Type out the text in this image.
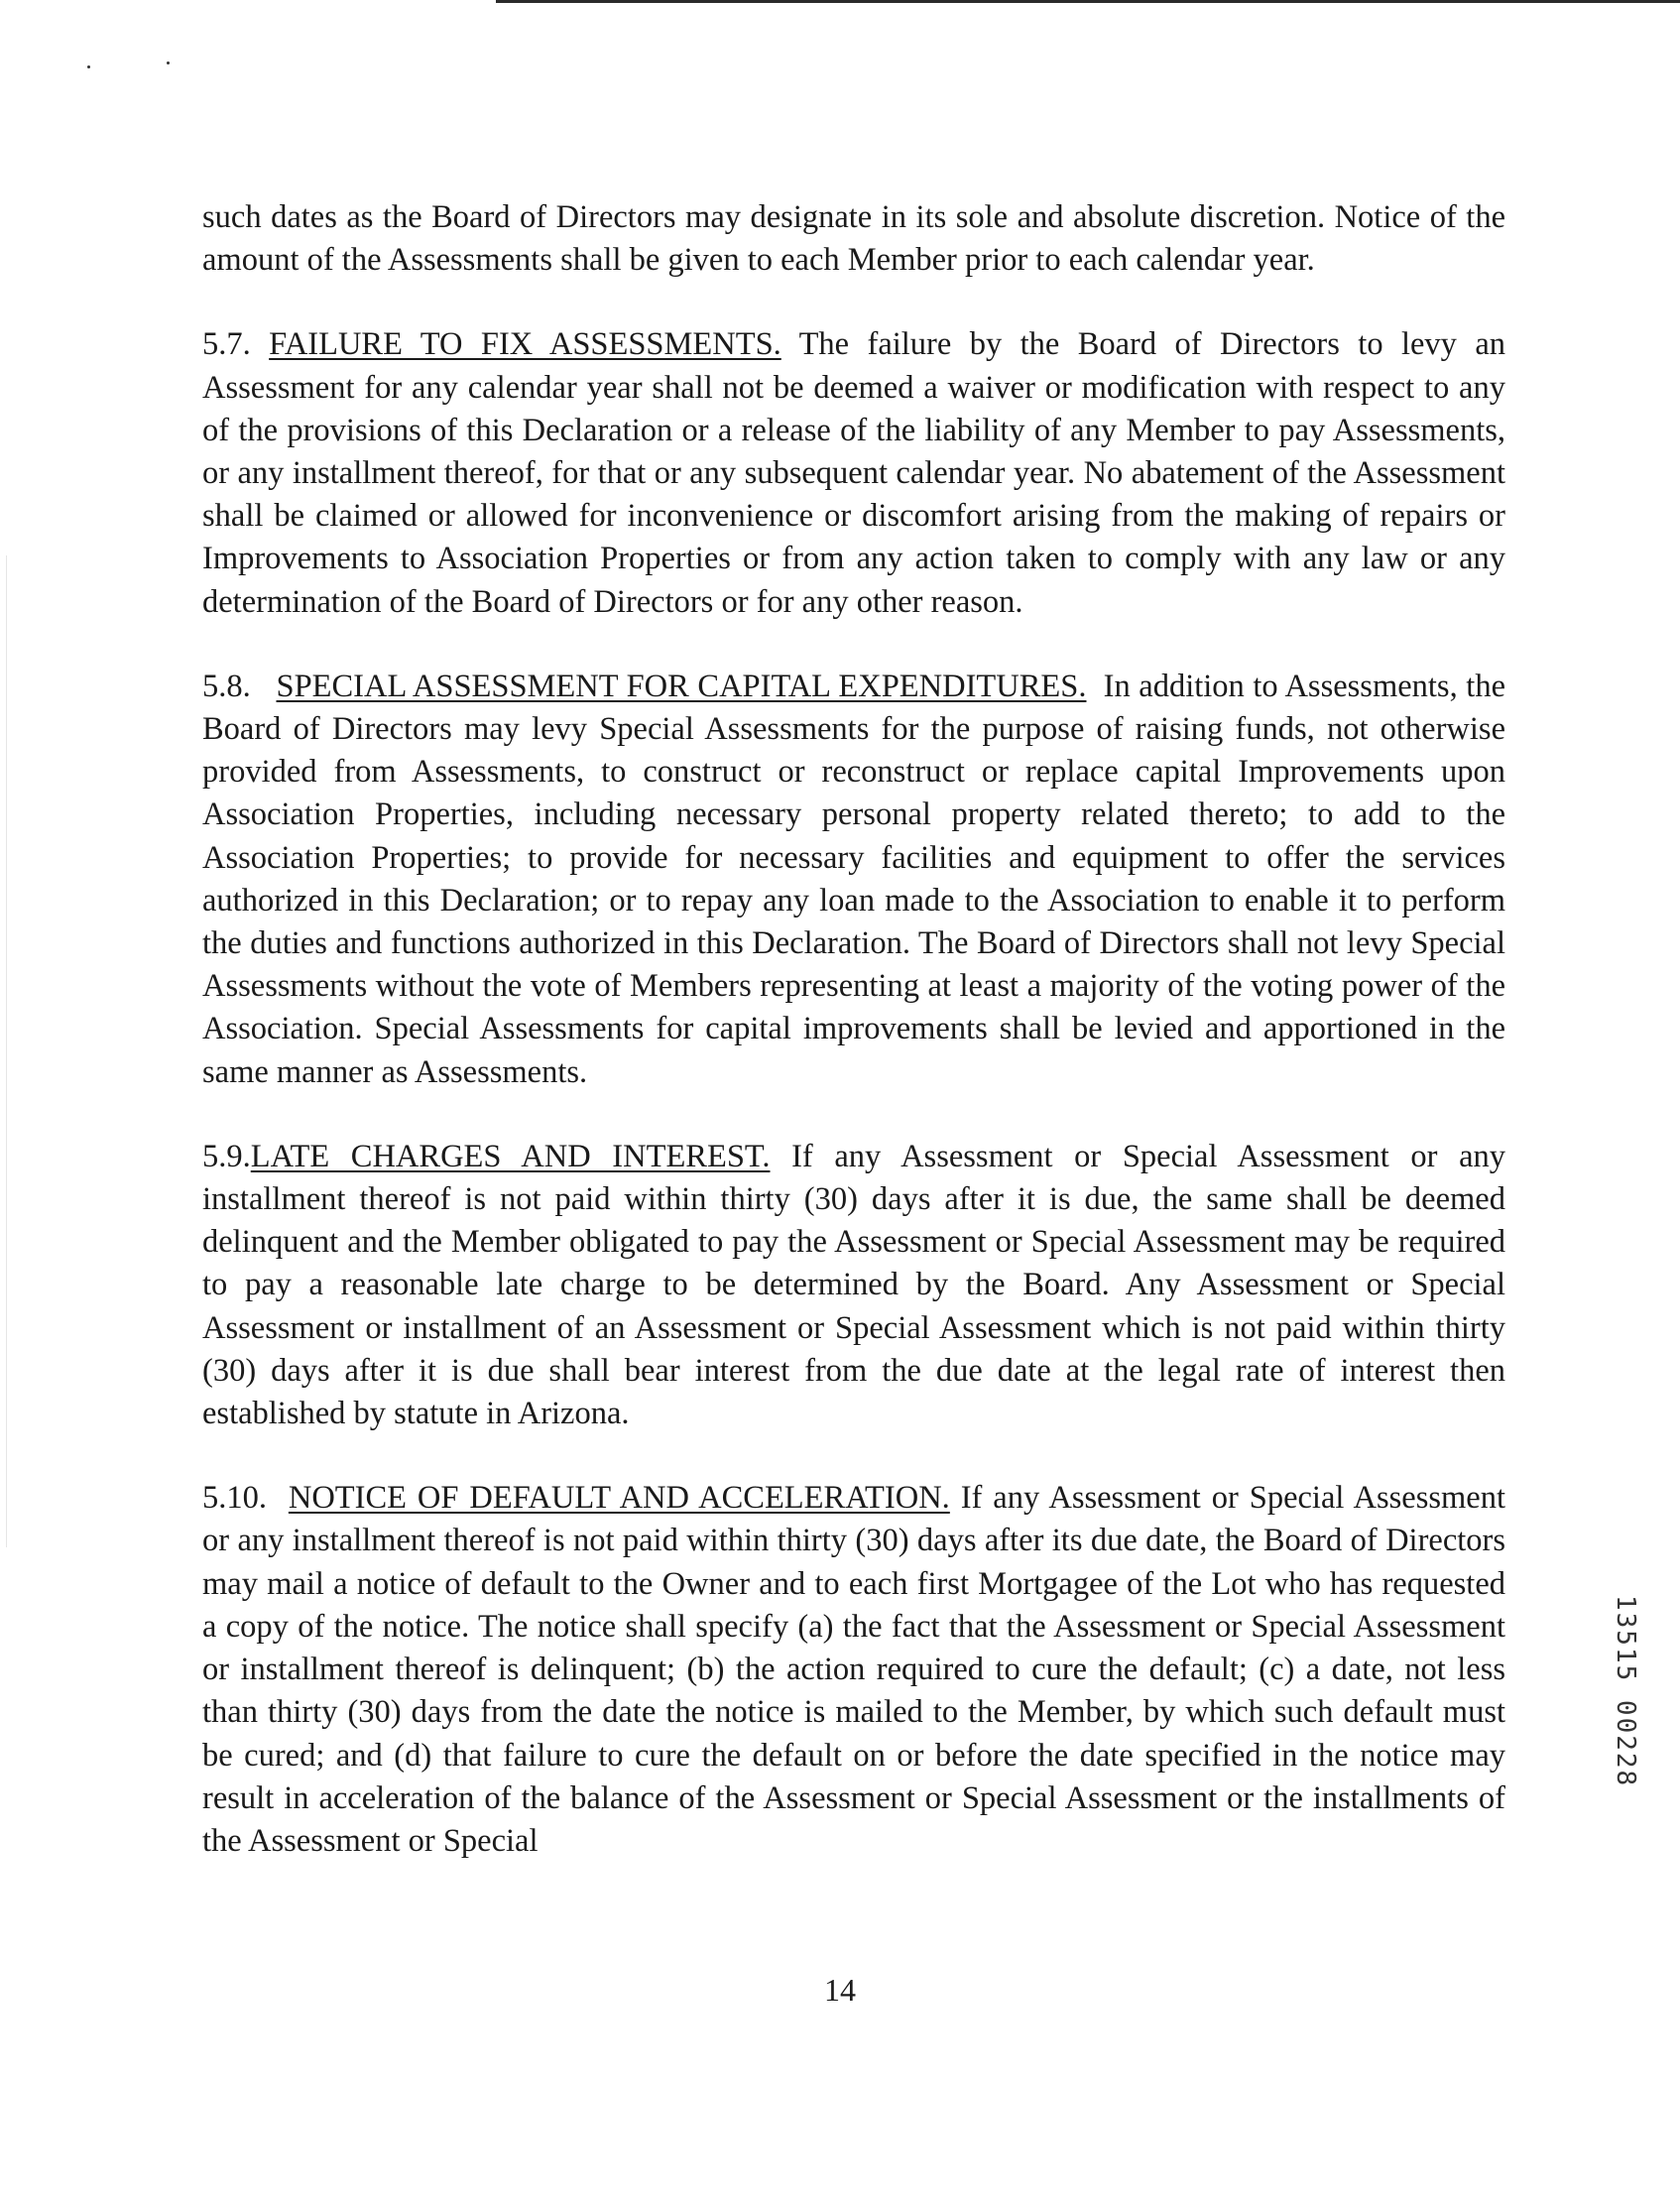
such dates as the Board of Directors may designate in its sole and absolute discretion. Notice of the amount of the Assessments shall be given to each Member prior to each calendar year.

5.7. FAILURE TO FIX ASSESSMENTS. The failure by the Board of Directors to levy an Assessment for any calendar year shall not be deemed a waiver or modification with respect to any of the provisions of this Declaration or a release of the liability of any Member to pay Assessments, or any installment thereof, for that or any subsequent calendar year. No abatement of the Assessment shall be claimed or allowed for inconvenience or discomfort arising from the making of repairs or Improvements to Association Properties or from any action taken to comply with any law or any determination of the Board of Directors or for any other reason.

5.8. SPECIAL ASSESSMENT FOR CAPITAL EXPENDITURES. In addition to Assessments, the Board of Directors may levy Special Assessments for the purpose of raising funds, not otherwise provided from Assessments, to construct or reconstruct or replace capital Improvements upon Association Properties, including necessary personal property related thereto; to add to the Association Properties; to provide for necessary facilities and equipment to offer the services authorized in this Declaration; or to repay any loan made to the Association to enable it to perform the duties and functions authorized in this Declaration. The Board of Directors shall not levy Special Assessments without the vote of Members representing at least a majority of the voting power of the Association. Special Assessments for capital improvements shall be levied and apportioned in the same manner as Assessments.

5.9.LATE CHARGES AND INTEREST. If any Assessment or Special Assessment or any installment thereof is not paid within thirty (30) days after it is due, the same shall be deemed delinquent and the Member obligated to pay the Assessment or Special Assessment may be required to pay a reasonable late charge to be determined by the Board. Any Assessment or Special Assessment or installment of an Assessment or Special Assessment which is not paid within thirty (30) days after it is due shall bear interest from the due date at the legal rate of interest then established by statute in Arizona.

5.10. NOTICE OF DEFAULT AND ACCELERATION. If any Assessment or Special Assessment or any installment thereof is not paid within thirty (30) days after its due date, the Board of Directors may mail a notice of default to the Owner and to each first Mortgagee of the Lot who has requested a copy of the notice. The notice shall specify (a) the fact that the Assessment or Special Assessment or installment thereof is delinquent; (b) the action required to cure the default; (c) a date, not less than thirty (30) days from the date the notice is mailed to the Member, by which such default must be cured; and (d) that failure to cure the default on or before the date specified in the notice may result in acceleration of the balance of the Assessment or Special Assessment or the installments of the Assessment or Special

13515 00228
14
